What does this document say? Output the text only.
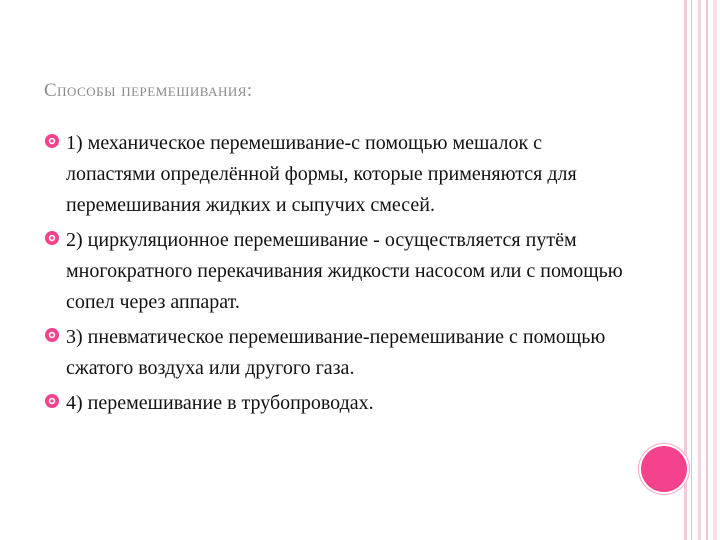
Способы перемешивания:
1) механическое перемешивание-с помощью мешалок с лопастями определённой формы, которые применяются для перемешивания жидких и сыпучих смесей.
2) циркуляционное перемешивание - осуществляется путём многократного перекачивания жидкости насосом или с помощью сопел через аппарат.
3) пневматическое перемешивание-перемешивание с помощью сжатого воздуха или другого газа.
4) перемешивание в трубопроводах.
